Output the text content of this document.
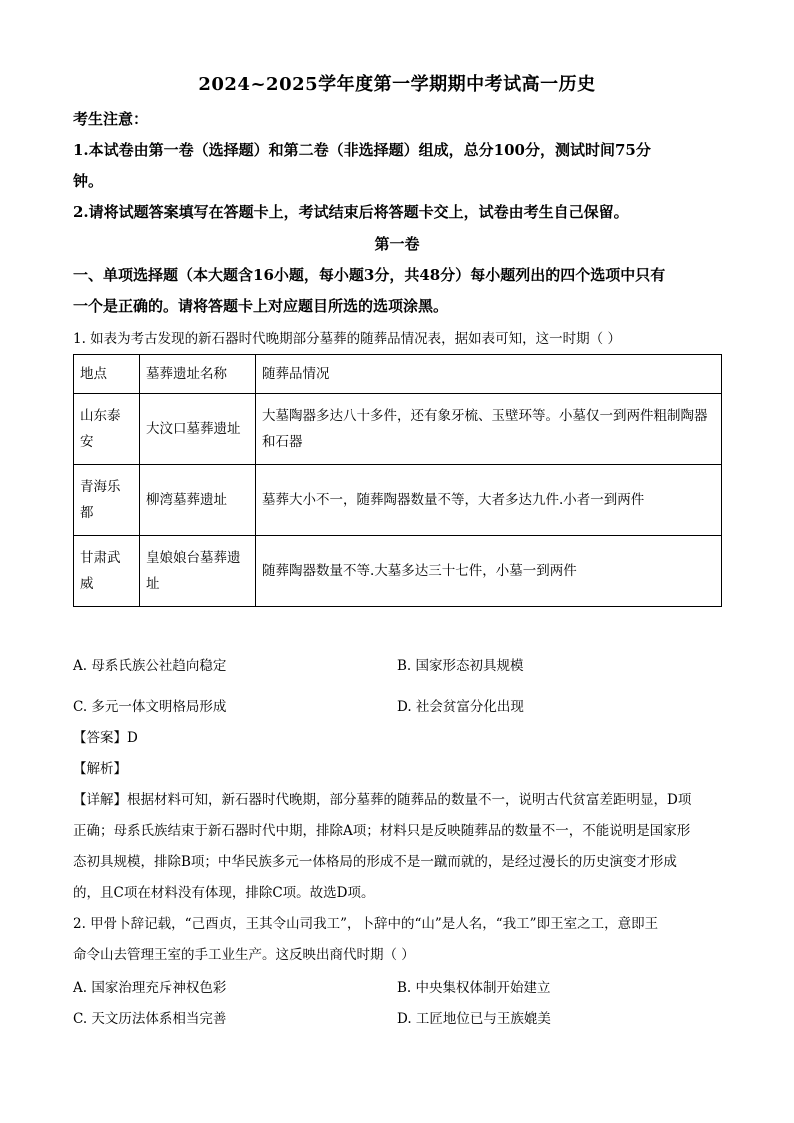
2024~2025学年度第一学期期中考试高一历史
考生注意：
1.本试卷由第一卷（选择题）和第二卷（非选择题）组成，总分100分，测试时间75分
钟。
2.请将试题答案填写在答题卡上，考试结束后将答题卡交上，试卷由考生自己保留。
第一卷
一、单项选择题（本大题含16小题，每小题3分，共48分）每小题列出的四个选项中只有
一个是正确的。请将答题卡上对应题目所选的选项涂黑。
1. 如表为考古发现的新石器时代晚期部分墓葬的随葬品情况表，据如表可知，这一时期（ ）
地点	墓葬遗址名称	随葬品情况
山东泰安	大汶口墓葬遗址	大墓陶器多达八十多件，还有象牙梳、玉壁环等。小墓仅一到两件粗制陶器和石器
青海乐都	柳湾墓葬遗址	墓葬大小不一，随葬陶器数量不等，大者多达九件.小者一到两件
甘肃武威	皇娘娘台墓葬遗址	随葬陶器数量不等.大墓多达三十七件，小墓一到两件
A. 母系氏族公社趋向稳定	B. 国家形态初具规模
C. 多元一体文明格局形成	D. 社会贫富分化出现
【答案】D
【解析】
【详解】根据材料可知，新石器时代晚期，部分墓葬的随葬品的数量不一，说明古代贫富差距明显，D项
正确；母系氏族结束于新石器时代中期，排除A项；材料只是反映随葬品的数量不一，不能说明是国家形
态初具规模，排除B项；中华民族多元一体格局的形成不是一蹴而就的，是经过漫长的历史演变才形成
的，且C项在材料没有体现，排除C项。故选D项。
2. 甲骨卜辞记载，“己酉贞，王其令山司我工”，卜辞中的“山”是人名，“我工”即王室之工，意即王
命令山去管理王室的手工业生产。这反映出商代时期（ ）
A. 国家治理充斥神权色彩	B. 中央集权体制开始建立
C. 天文历法体系相当完善	D. 工匠地位已与王族媲美
